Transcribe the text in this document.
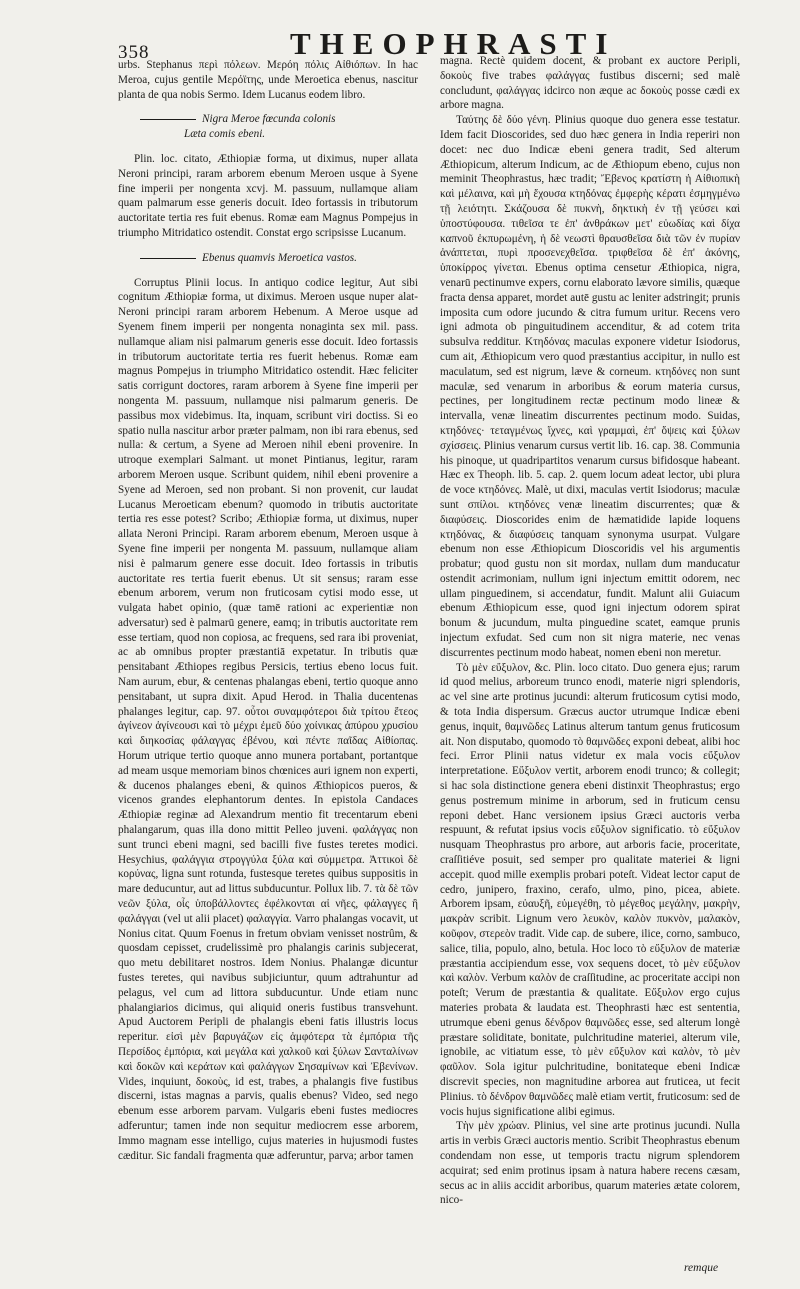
358	THEOPHRASTI

urbs. Stephanus περὶ πόλεων. Μερόη πόλις Αἰθιόπων. In hac Meroa, cujus gentile Μερόϊτης, unde Meroetica ebenus, nascitur planta de qua nobis Sermo. Idem Lucanus eodem libro.

Nigra Meroe fœcunda colonis
Læta comis ebeni.

Plin. loc. citato, Æthiopiæ forma, ut diximus, nuper allata Neroni principi, raram arborem ebenum Meroen usque à Syene fine imperii per nongenta xcvj. M. passuum, nullamque aliam quam palmarum esse generis docuit. Ideo fortassis in tributorum auctoritate tertia res fuit ebenus. Romæ eam Magnus Pompejus in triumpho Mitridatico ostendit. Constat ergo scripsisse Lucanum.

Ebenus quamvis Meroetica vastos.

Corruptus Plinii locus. In antiquo codice legitur, Aut sibi cognitum Æthiopiæ forma, ut diximus. Meroen usque nuper alat-Neroni principi raram arborem Hebenum. A Meroe usque ad Syenem finem imperii per nongenta nonaginta sex mil. pass. nullamque aliam nisi palmarum generis esse docuit. Ideo fortassis in tributorum auctoritate tertia res fuerit hebenus. Romæ eam magnus Pompejus in triumpho Mitridatico ostendit. Hæc feliciter satis corrigunt doctores, raram arborem à Syene fine imperii per nongenta M. passuum, nullamque nisi palmarum generis. De passibus mox videbimus. Ita, inquam, scribunt viri doctiss. Si eo spatio nulla nascitur arbor præter palmam, non ibi rara ebenus, sed nulla: & certum, a Syene ad Meroen nihil ebeni provenire. In utroque exemplari Salmant. ut monet Pintianus, legitur, raram arborem Meroen usque. Scribunt quidem, nihil ebeni provenire a Syene ad Meroen, sed non probant. Si non provenit, cur laudat Lucanus Meroeticam ebenum? quomodo in tributis auctoritate tertia res esse potest? Scribo; Æthiopiæ forma, ut diximus, nuper allata Neroni Principi. Raram arborem ebenum, Meroen usque à Syene fine imperii per nongenta M. passuum, nullamque aliam nisi è palmarum genere esse docuit. Ideo fortassis in tributis auctoritate res tertia fuerit ebenus. Ut sit sensus; raram esse ebenum arborem, verum non fruticosam cytisi modo esse, ut vulgata habet opinio, (quæ tamē rationi ac experientiæ non adversatur) sed è palmarū genere, eamq; in tributis auctoritate rem esse tertiam, quod non copiosa, ac frequens, sed rara ibi proveniat, ac ab omnibus propter præstantiā expetatur. In tributis quæ pensitabant Æthiopes regibus Persicis, tertius ebeno locus fuit. Nam aurum, ebur, & centenas phalangas ebeni, tertio quoque anno pensitabant, ut supra dixit. Apud Herod. in Thalia ducentenas phalanges legitur, cap. 97. οὗτοι συναμφότεροι διὰ τρίτου ἔτεος ἀγίνεον ἀγίνεουσι καὶ τὸ μέχρι ἐμεῦ δύο χοίνικας ἀπύρου χρυσίου καὶ διηκοσίας φάλαγγας ἐβένου, καὶ πέντε παῖδας Αἰθίοπας. Horum utrique tertio quoque anno munera portabant, portantque ad meam usque memoriam binos chœnices auri ignem non experti, & ducenos phalanges ebeni, & quinos Æthiopicos pueros, & vicenos grandes elephantorum dentes. In epistola Candaces Æthiopiæ reginæ ad Alexandrum mentio fit trecentarum ebeni phalangarum, quas illa dono mittit Pelleo juveni. φαλάγγας non sunt trunci ebeni magni, sed bacilli five fustes teretes modici. Hesychius, φαλάγγια στρογγύλα ξύλα καὶ σύμμετρα. Ἀττικοὶ δὲ κορύνας, ligna sunt rotunda, fustesque teretes quibus suppositis in mare deducuntur, aut ad littus subducuntur. Pollux lib. 7. τὰ δὲ τῶν νεῶν ξύλα, οἷς ὑποβάλλοντες ἐφέλκονται αἱ νῆες, φάλαγγες ἢ φαλάγγαι (vel ut alii placet) φαλαγγία. Varro phalangas vocavit, ut Nonius citat. Quum Foenus in fretum obviam venisset nostrûm, & quosdam cepisset, crudelissimè pro phalangis carinis subjecerat, quo metu debilitaret nostros. Idem Nonius. Phalangæ dicuntur fustes teretes, qui navibus subjiciuntur, quum adtrahuntur ad pelagus, vel cum ad littora subducuntur. Unde etiam nunc phalangiarios dicimus, qui aliquid oneris fustibus transvehunt. Apud Auctorem Peripli de phalangis ebeni fatis illustris locus reperitur. εἰσὶ μὲν βαρυγάζων εἰς ἀμφότερα τὰ ἐμπόρια τῆς Περσίδος ἐμπόρια, καὶ μεγάλα καὶ χαλκοῦ καὶ ξύλων Σανταλίνων καὶ δοκῶν καὶ κεράτων καὶ φαλάγγων Σησαμίνων καὶ Ἐβενίνων. Vides, inquiunt, δοκοὺς, id est, trabes, a phalangis five fustibus discerni, istas magnas a parvis, qualis ebenus? Video, sed nego ebenum esse arborem parvam. Vulgaris ebeni fustes mediocres adferuntur; tamen inde non sequitur mediocrem esse arborem, Immo magnam esse intelligo, cujus materies in hujusmodi fustes cæditur. Sic fandali fragmenta quæ adferuntur, parva; arbor tamen

magna. Rectè quidem docent, & probant ex auctore Peripli, δοκοὺς five trabes φαλάγγας fustibus discerni; sed malè concludunt, φαλάγγας idcirco non æque ac δοκοὺς posse cædi ex arbore magna.

Ταύτης δὲ δύο γένη. Plinius quoque duo genera esse testatur. Idem facit Dioscorides, sed duo hæc genera in India reperiri non docet: nec duo Indicæ ebeni genera tradit, Sed alterum Æthiopicum, alterum Indicum, ac de Æthiopum ebeno, cujus non meminit Theophrastus, hæc tradit; Ἔβενος κρατίστη ἡ Αἰθιοπικὴ καὶ μέλαινα, καὶ μὴ ἔχουσα κτηδόνας ἐμφερὴς κέρατι ἐσμηγμένω τῇ λειότητι. Σκάζουσα δὲ πυκνὴ, δηκτικὴ ἐν τῇ γεύσει καὶ ὑποστύφουσα. τιθεῖσα τε ἐπ' ἀνθράκων μετ' εὐωδίας καὶ δίχα καπνοῦ ἐκπυρωμένη, ἡ δὲ νεωστὶ θραυσθεῖσα διὰ τῶν ἐν πυρίαν ἀνάπτεται, πυρὶ προσενεχθεῖσα. τριφθεῖσα δὲ ἐπ' ἀκόνης, ὑποκίρρος γίνεται. Ebenus optima censetur Æthiopica, nigra, venarū pectinumve expers, cornu elaborato lævore similis, quæque fracta densa apparet, mordet autē gustu ac leniter adstringit; prunis imposita cum odore jucundo & citra fumum uritur. Recens vero igni admota ob pinguitudinem accenditur, & ad cotem trita subsulva redditur. Κτηδόνας maculas exponere videtur Isiodorus, cum ait, Æthiopicum vero quod præstantius accipitur, in nullo est maculatum, sed est nigrum, læve & corneum. κτηδόνες non sunt maculæ, sed venarum in arboribus & eorum materia cursus, pectines, per longitudinem rectæ pectinum modo lineæ & intervalla, venæ lineatim discurrentes pectinum modo. Suidas, κτηδόνες· τεταγμένως ἴχνες, καὶ γραμμαὶ, ἐπ' ὄψεις καὶ ξύλων σχίσσεις. Plinius venarum cursus vertit lib. 16. cap. 38. Communia his pinoque, ut quadripartitos venarum cursus bifidosque habeant. Hæc ex Theoph. lib. 5. cap. 2. quem locum adeat lector, ubi plura de voce κτηδόνες. Malè, ut dixi, maculas vertit Isiodorus; maculæ sunt σπίλοι. κτηδόνες venæ lineatim discurrentes; quæ & διαφύσεις. Dioscorides enim de hæmatidide lapide loquens κτηδόνας, & διαφύσεις tanquam synonyma usurpat. Vulgare ebenum non esse Æthiopicum Dioscoridis vel his argumentis probatur; quod gustu non sit mordax, nullam dum manducatur ostendit acrimoniam, nullum igni injectum emittit odorem, nec ullam pinguedinem, si accendatur, fundit. Malunt alii Guiacum ebenum Æthiopicum esse, quod igni injectum odorem spirat bonum & jucundum, multa pinguedine scatet, eamque prunis injectum exfudat. Sed cum non sit nigra materie, nec venas discurrentes pectinum modo habeat, nomen ebeni non meretur.

Τὸ μὲν εὔξυλον, &c. Plin. loco citato. Duo genera ejus; rarum id quod melius, arboreum trunco enodi, materie nigri splendoris, ac vel sine arte protinus jucundi: alterum fruticosum cytisi modo, & tota India dispersum. Græcus auctor utrumque Indicæ ebeni genus, inquit, θαμνῶδες Latinus alterum tantum genus fruticosum ait. Non disputabo, quomodo τὸ θαμνῶδες exponi debeat, alibi hoc feci. Error Plinii natus videtur ex mala vocis εὔξυλον interpretatione. Εὔξυλον vertit, arborem enodi trunco; & collegit; si hac sola distinctione genera ebeni distinxit Theophrastus; ergo genus postremum minime in arborum, sed in fruticum censu reponi debet. Hanc versionem ipsius Græci auctoris verba respuunt, & refutat ipsius vocis εὔξυλον significatio. τὸ εὔξυλον nusquam Theophrastus pro arbore, aut arboris facie, proceritate, craſſitiéve posuit, sed semper pro qualitate materiei & ligni accepit. quod mille exemplis probari poteſt. Videat lector caput de cedro, junipero, fraxino, cerafo, ulmo, pino, picea, abiete. Arborem ipsam, εὐαυξῆ, εὐμεγέθη, τὸ μέγεθος μεγάλην, μακρὴν, μακρὰν scribit. Lignum vero λευκὸν, καλὸν πυκνὸν, μαλακὸν, κοῦφον, στερεὸν tradit. Vide cap. de subere, ilice, corno, sambuco, salice, tilia, populo, alno, betula. Hoc loco τὸ εὔξυλον de materiæ præstantia accipiendum esse, vox sequens docet, τὸ μὲν εὔξυλον καὶ καλὸν. Verbum καλὸν de craſſitudine, ac proceritate accipi non poteſt; Verum de præstantia & qualitate. Εὔξυλον ergo cujus materies probata & laudata est. Theophrasti hæc est sententia, utrumque ebeni genus δένδρον θαμνῶδες esse, sed alterum longè præstare soliditate, bonitate, pulchritudine materiei, alterum vile, ignobile, ac vitiatum esse, τὸ μὲν εὔξυλον καὶ καλὸν, τὸ μὲν φαῦλον. Sola igitur pulchritudine, bonitateque ebeni Indicæ discrevit species, non magnitudine arborea aut fruticea, ut fecit Plinius. τὸ δένδρον θαμνῶδες malè etiam vertit, fruticosum: sed de vocis hujus significatione alibi egimus.

Τὴν μὲν χρώαν. Plinius, vel sine arte protinus jucundi. Nulla artis in verbis Græci auctoris mentio. Scribit Theophrastus ebenum condendam non esse, ut temporis tractu nigrum splendorem acquirat; sed enim protinus ipsam à natura habere recens cæsam, secus ac in aliis accidit arboribus, quarum materies ætate colorem, nico-

remque
